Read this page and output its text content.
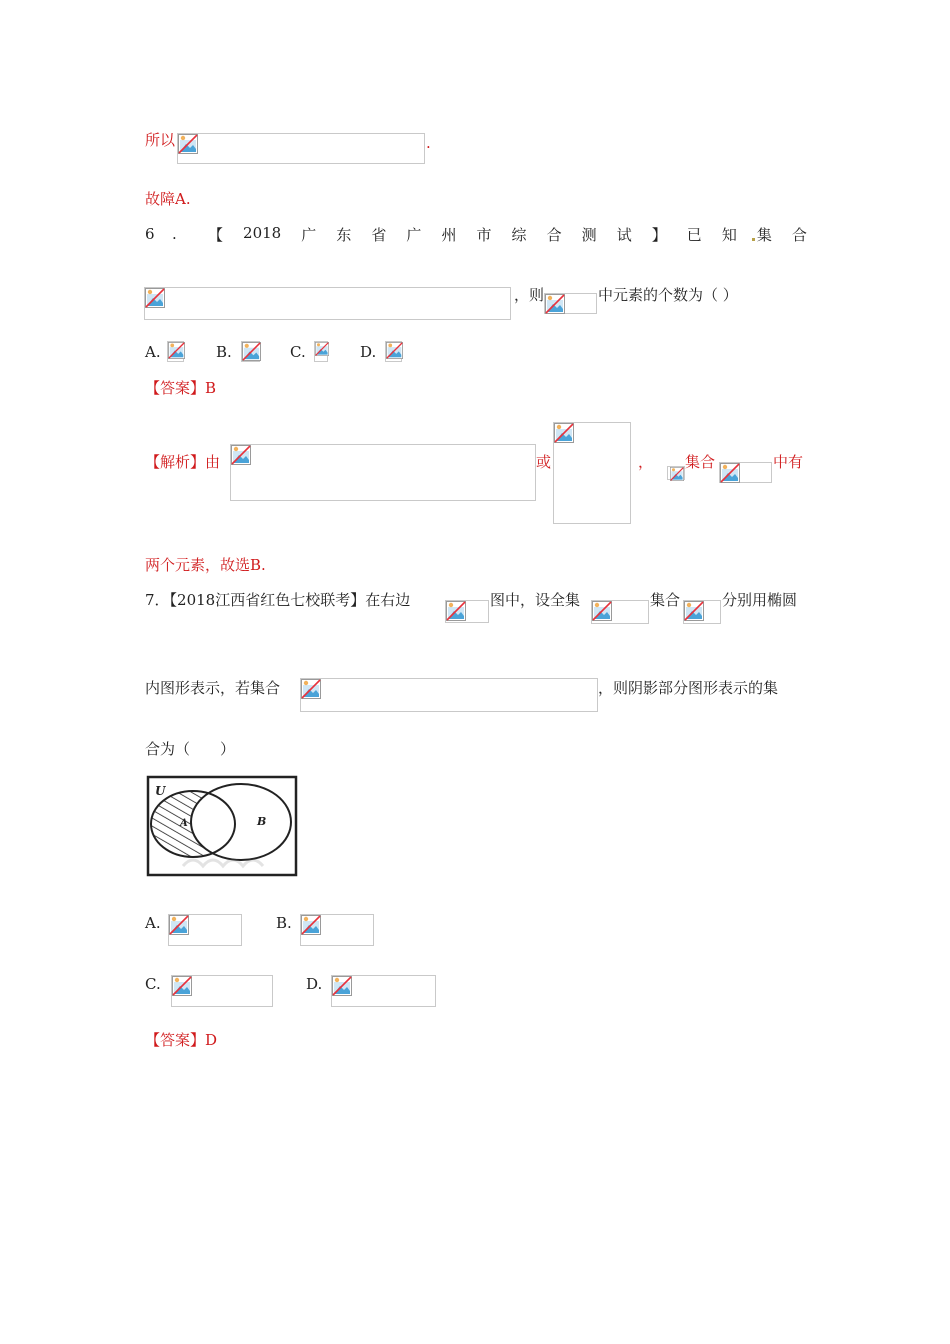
所以	.
故障A.
6 . 【 2018 广 东 省 广 州 市 综 合 测 试 】 已 知 集 合
，则	中元素的个数为（ ）
A.	B.	C.	D.
【答案】B
【解析】由	或	， 集合	中有
两个元素，故选B.
7．【2018江西省红色七校联考】在右边	图中，设全集	集合	分别用椭圆
内图形表示，若集合	，则阴影部分图形表示的集
合为（　　）
U
A	B
A.	B.
C.	D.
【答案】D
